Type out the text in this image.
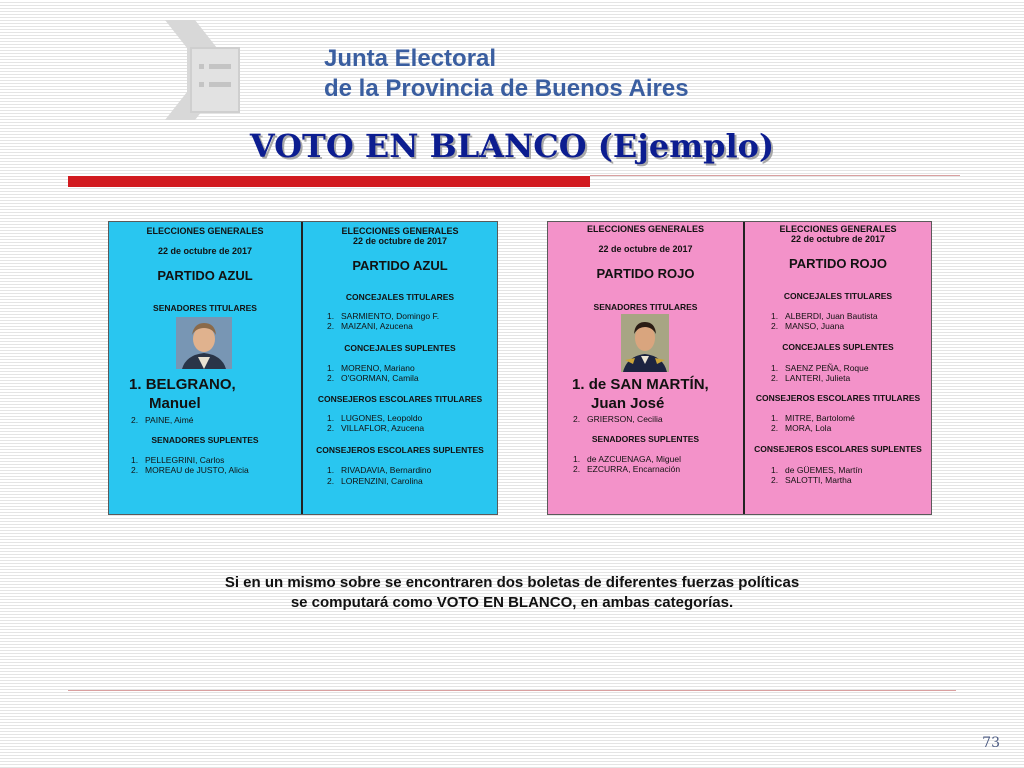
Junta Electoral
de la Provincia de Buenos Aires
VOTO EN BLANCO (Ejemplo)
ELECCIONES GENERALES
22 de octubre de 2017
PARTIDO AZUL
SENADORES TITULARES
1. BELGRANO,
Manuel
2. PAINE, Aimé
SENADORES SUPLENTES
1. PELLEGRINI, Carlos
2. MOREAU de JUSTO, Alicia
ELECCIONES GENERALES
22 de octubre de 2017
PARTIDO AZUL
CONCEJALES TITULARES
1. SARMIENTO, Domingo F.
2. MAIZANI, Azucena
CONCEJALES SUPLENTES
1. MORENO, Mariano
2. O'GORMAN, Camila
CONSEJEROS ESCOLARES TITULARES
1. LUGONES, Leopoldo
2. VILLAFLOR, Azucena
CONSEJEROS ESCOLARES SUPLENTES
1. RIVADAVIA, Bernardino
2. LORENZINI, Carolina
ELECCIONES GENERALES
22 de octubre de 2017
PARTIDO ROJO
SENADORES TITULARES
1. de SAN MARTÍN,
Juan José
2. GRIERSON, Cecilia
SENADORES SUPLENTES
1. de AZCUENAGA, Miguel
2. EZCURRA, Encarnación
ELECCIONES GENERALES
22 de octubre de 2017
PARTIDO ROJO
CONCEJALES TITULARES
1. ALBERDI, Juan Bautista
2. MANSO, Juana
CONCEJALES SUPLENTES
1. SAENZ PEÑA, Roque
2. LANTERI, Julieta
CONSEJEROS ESCOLARES TITULARES
1. MITRE, Bartolomé
2. MORA, Lola
CONSEJEROS ESCOLARES SUPLENTES
1. de GÜEMES, Martín
2. SALOTTI, Martha
Si en un mismo sobre se encontraren dos boletas de diferentes fuerzas políticas
se computará como VOTO EN BLANCO, en ambas categorías.
73
